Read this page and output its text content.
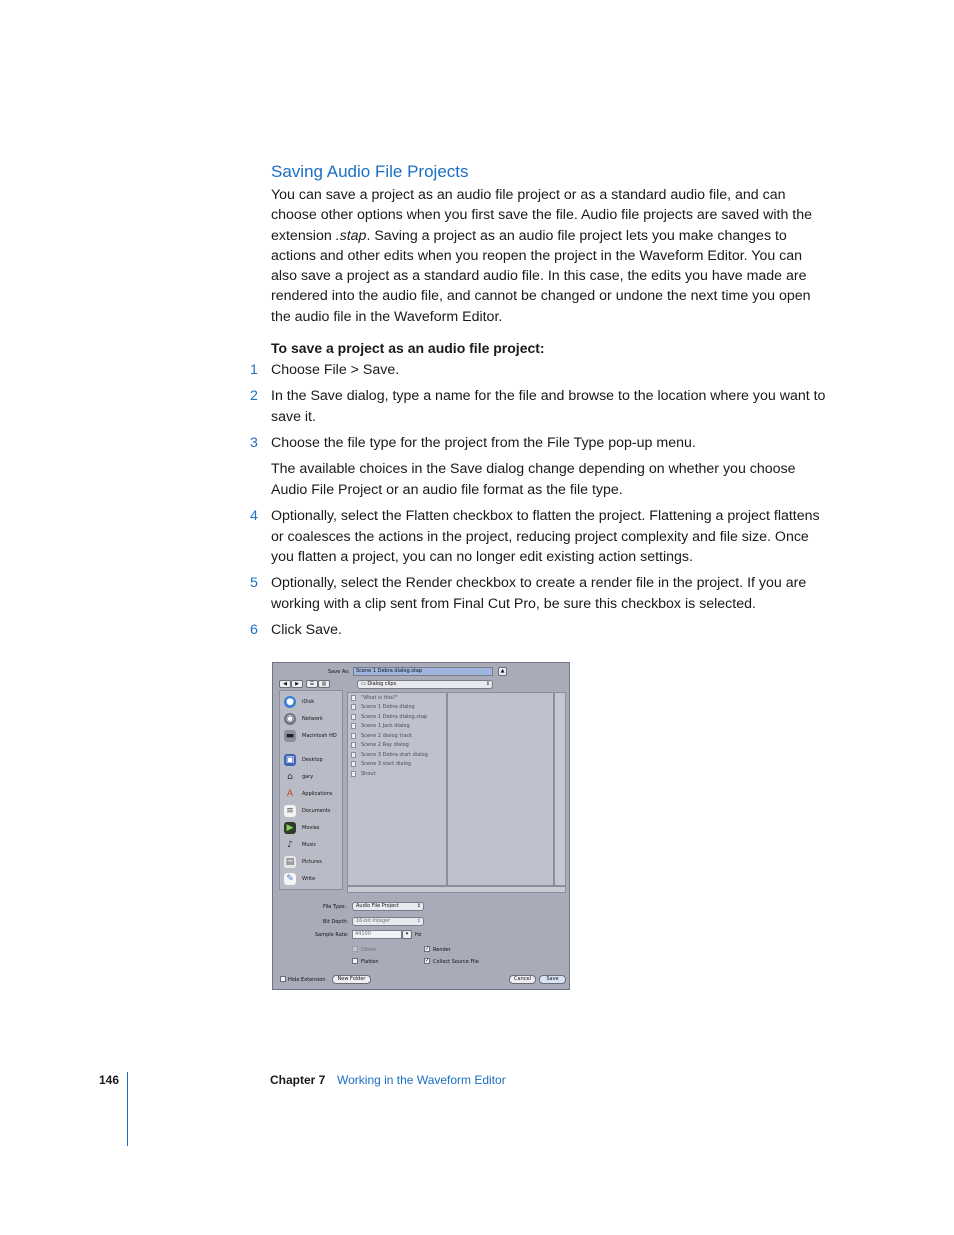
Saving Audio File Projects

You can save a project as an audio file project or as a standard audio file, and can choose other options when you first save the file. Audio file projects are saved with the extension .stap. Saving a project as an audio file project lets you make changes to actions and other edits when you reopen the project in the Waveform Editor. You can also save a project as a standard audio file. In this case, the edits you have made are rendered into the audio file, and cannot be changed or undone the next time you open the audio file in the Waveform Editor.

To save a project as an audio file project:
1 Choose File > Save.
2 In the Save dialog, type a name for the file and browse to the location where you want to save it.
3 Choose the file type for the project from the File Type pop-up menu.
The available choices in the Save dialog change depending on whether you choose Audio File Project or an audio file format as the file type.
4 Optionally, select the Flatten checkbox to flatten the project. Flattening a project flattens or coalesces the actions in the project, reducing project complexity and file size. Once you flatten a project, you can no longer edit existing action settings.
5 Optionally, select the Render checkbox to create a render file in the project. If you are working with a clip sent from Final Cut Pro, be sure this checkbox is selected.
6 Click Save.
Save As:	Scene 1 Debra dialog.stap	▲
◀	▶	☰	▥	▭ Dialog clips ↕
●	iDisk
◉	Network
▬	Macintosh HD
▣	Desktop
⌂	gary
A	Applications
≡	Documents
▶	Movies
♪	Music
▤	Pictures
✎	Write
"What is this?"
Scene 1 Debra dialog
Scene 1 Debra dialog.stap
Scene 1 Jack dialog
Scene 2 dialog track
Scene 2 Ray dialog
Scene 3 Debra start dialog
Scene 3 start dialog
Shout
File Type:	Audio File Project ↕
Bit Depth:	16-bit Integer ↕
Sample Rate:	44100	▾	Hz
Dither
Flatten
✓ Render
✓ Collect Source File
Hide Extension	New Folder	Cancel	Save
146	Chapter 7 Working in the Waveform Editor
